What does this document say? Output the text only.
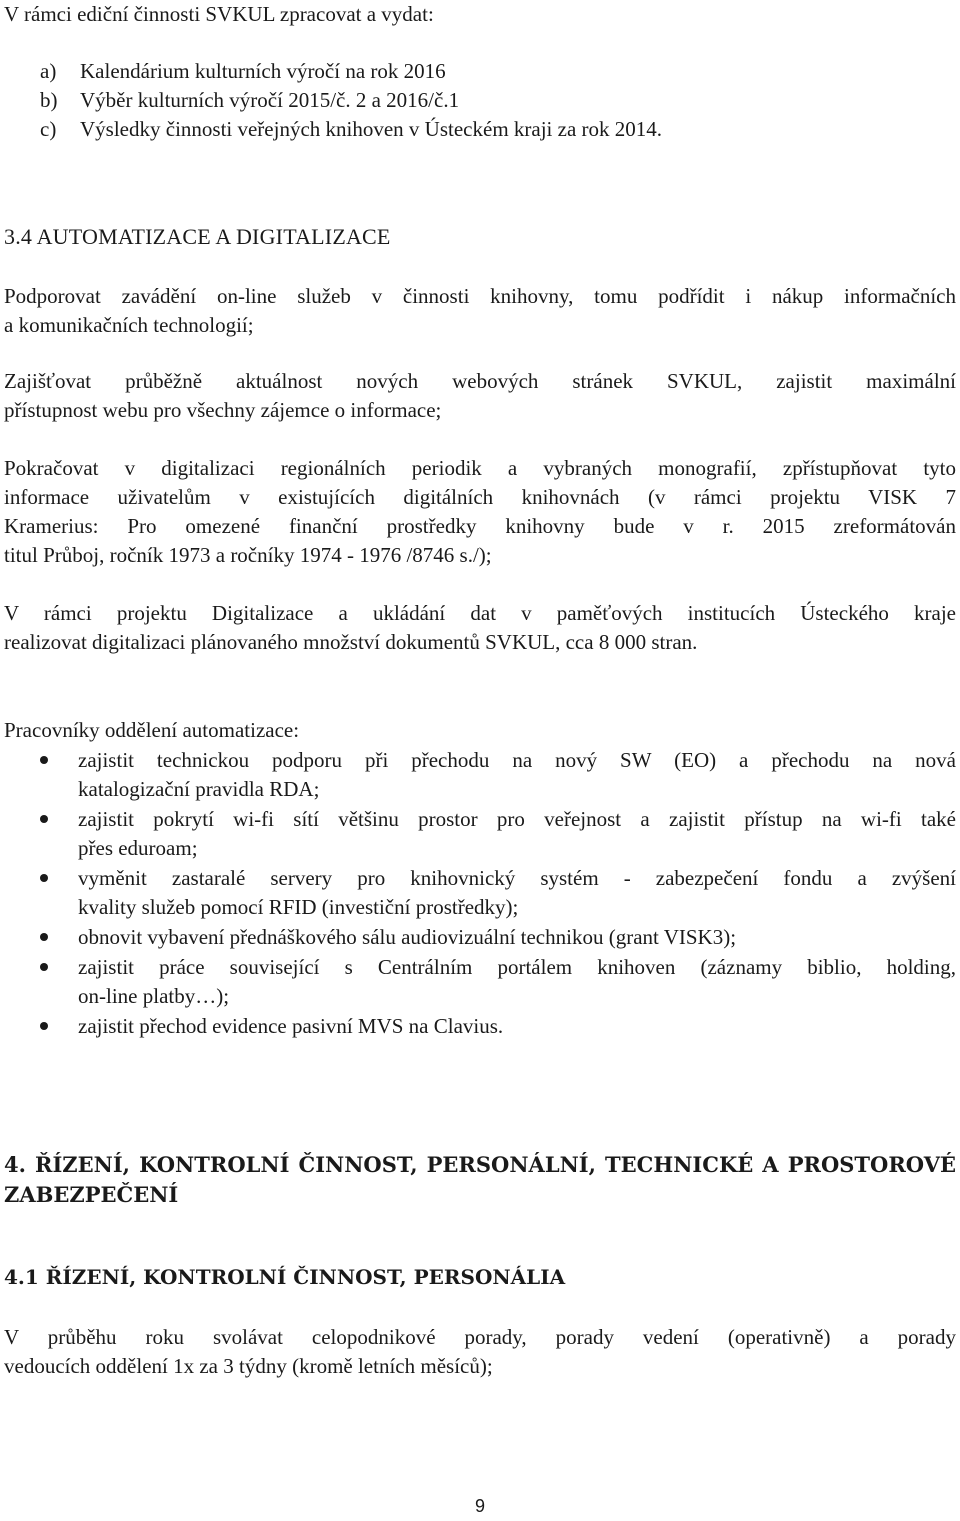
V rámci ediční činnosti SVKUL zpracovat a vydat:
a) Kalendárium kulturních výročí na rok 2016
b) Výběr kulturních výročí 2015/č. 2 a 2016/č.1
c) Výsledky činnosti veřejných knihoven v Ústeckém kraji za rok 2014.
3.4 AUTOMATIZACE A DIGITALIZACE
Podporovat zavádění on-line služeb v činnosti knihovny, tomu podřídit i nákup informačních
a komunikačních technologií;
Zajišťovat průběžně aktuálnost nových webových stránek SVKUL, zajistit maximální
přístupnost webu pro všechny zájemce o informace;
Pokračovat v digitalizaci regionálních periodik a vybraných monografií, zpřístupňovat tyto
informace uživatelům v existujících digitálních knihovnách (v rámci projektu VISK 7
Kramerius: Pro omezené finanční prostředky knihovny bude v r. 2015 zreformátován
titul Průboj, ročník 1973 a ročníky 1974 - 1976 /8746 s./);
V rámci projektu Digitalizace a ukládání dat v paměťových institucích Ústeckého kraje
realizovat digitalizaci plánovaného množství dokumentů SVKUL, cca 8 000 stran.
Pracovníky oddělení automatizace:
zajistit technickou podporu při přechodu na nový SW (EO) a přechodu na nová
katalogizační pravidla RDA;
zajistit pokrytí wi-fi sítí většinu prostor pro veřejnost a zajistit přístup na wi-fi také
přes eduroam;
vyměnit zastaralé servery pro knihovnický systém - zabezpečení fondu a zvýšení
kvality služeb pomocí RFID (investiční prostředky);
obnovit vybavení přednáškového sálu audiovizuální technikou (grant VISK3);
zajistit práce související s Centrálním portálem knihoven (záznamy biblio, holding,
on-line platby…);
zajistit přechod evidence pasivní MVS na Clavius.
4. ŘÍZENÍ, KONTROLNÍ ČINNOST, PERSONÁLNÍ, TECHNICKÉ A PROSTOROVÉ
ZABEZPEČENÍ
4.1 ŘÍZENÍ, KONTROLNÍ ČINNOST, PERSONÁLIA
V průběhu roku svolávat celopodnikové porady, porady vedení (operativně) a porady
vedoucích oddělení 1x za 3 týdny (kromě letních měsíců);
9
